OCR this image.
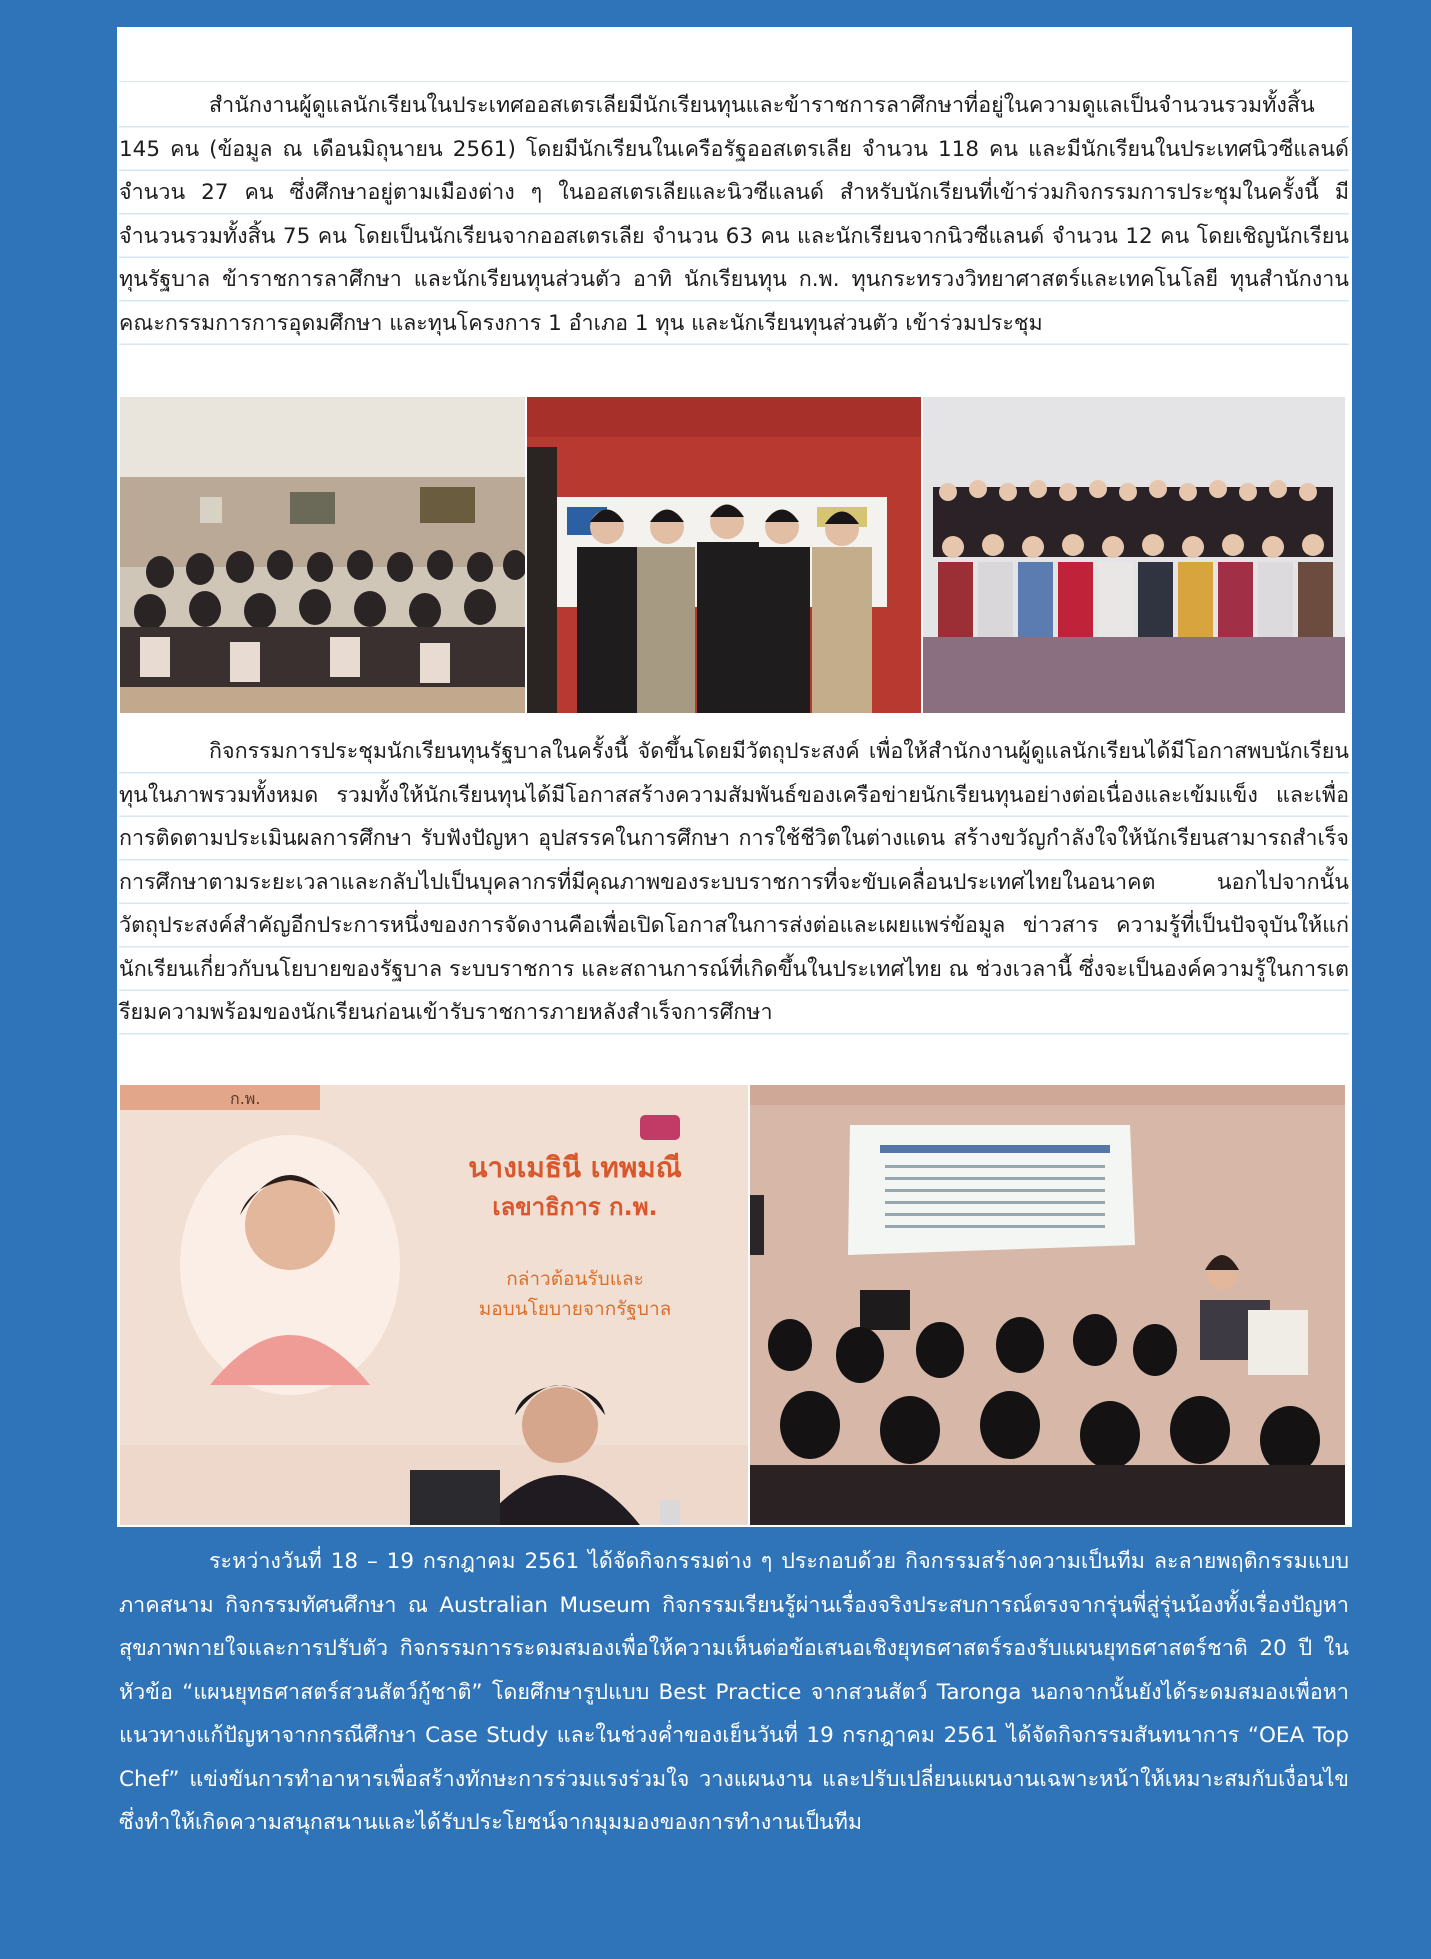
สำนักงานผู้ดูแลนักเรียนในประเทศออสเตรเลียมีนักเรียนทุนและข้าราชการลาศึกษาที่อยู่ในความดูแลเป็นจำนวนรวมทั้งสิ้น 145 คน (ข้อมูล ณ เดือนมิถุนายน 2561) โดยมีนักเรียนในเครือรัฐออสเตรเลีย จำนวน 118 คน และมีนักเรียนในประเทศนิวซีแลนด์ จำนวน 27 คน ซึ่งศึกษาอยู่ตามเมืองต่าง ๆ ในออสเตรเลียและนิวซีแลนด์ สำหรับนักเรียนที่เข้าร่วมกิจกรรมการประชุมในครั้งนี้ มีจำนวนรวมทั้งสิ้น 75 คน โดยเป็นนักเรียนจากออสเตรเลีย จำนวน 63 คน และนักเรียนจากนิวซีแลนด์ จำนวน 12 คน โดยเชิญนักเรียนทุนรัฐบาล ข้าราชการลาศึกษา และนักเรียนทุนส่วนตัว อาทิ นักเรียนทุน ก.พ. ทุนกระทรวงวิทยาศาสตร์และเทคโนโลยี ทุนสำนักงานคณะกรรมการการอุดมศึกษา และทุนโครงการ 1 อำเภอ 1 ทุน และนักเรียนทุนส่วนตัว เข้าร่วมประชุม

กิจกรรมการประชุมนักเรียนทุนรัฐบาลในครั้งนี้ จัดขึ้นโดยมีวัตถุประสงค์ เพื่อให้สำนักงานผู้ดูแลนักเรียนได้มีโอกาสพบนักเรียนทุนในภาพรวมทั้งหมด รวมทั้งให้นักเรียนทุนได้มีโอกาสสร้างความสัมพันธ์ของเครือข่ายนักเรียนทุนอย่างต่อเนื่องและเข้มแข็ง และเพื่อการติดตามประเมินผลการศึกษา รับฟังปัญหา อุปสรรคในการศึกษา การใช้ชีวิตในต่างแดน สร้างขวัญกำลังใจให้นักเรียนสามารถสำเร็จการศึกษาตามระยะเวลาและกลับไปเป็นบุคลากรที่มีคุณภาพของระบบราชการที่จะขับเคลื่อนประเทศไทยในอนาคต นอกไปจากนั้น วัตถุประสงค์สำคัญอีกประการหนึ่งของการจัดงานคือเพื่อเปิดโอกาสในการส่งต่อและเผยแพร่ข้อมูล ข่าวสาร ความรู้ที่เป็นปัจจุบันให้แก่นักเรียนเกี่ยวกับนโยบายของรัฐบาล ระบบราชการ และสถานการณ์ที่เกิดขึ้นในประเทศไทย ณ ช่วงเวลานี้ ซึ่งจะเป็นองค์ความรู้ในการเตรียมความพร้อมของนักเรียนก่อนเข้ารับราชการภายหลังสำเร็จการศึกษา

ก.พ.
นางเมธินี เทพมณี
เลขาธิการ ก.พ.
กล่าวต้อนรับและ
มอบนโยบายจากรัฐบาล

ระหว่างวันที่ 18 – 19 กรกฎาคม 2561 ได้จัดกิจกรรมต่าง ๆ ประกอบด้วย กิจกรรมสร้างความเป็นทีม ละลายพฤติกรรมแบบภาคสนาม กิจกรรมทัศนศึกษา ณ Australian Museum กิจกรรมเรียนรู้ผ่านเรื่องจริงประสบการณ์ตรงจากรุ่นพี่สู่รุ่นน้องทั้งเรื่องปัญหาสุขภาพกายใจและการปรับตัว กิจกรรมการระดมสมองเพื่อให้ความเห็นต่อข้อเสนอเชิงยุทธศาสตร์รองรับแผนยุทธศาสตร์ชาติ 20 ปี ในหัวข้อ “แผนยุทธศาสตร์สวนสัตว์กู้ชาติ” โดยศึกษารูปแบบ Best Practice จากสวนสัตว์ Taronga นอกจากนั้นยังได้ระดมสมองเพื่อหาแนวทางแก้ปัญหาจากกรณีศึกษา Case Study และในช่วงค่ำของเย็นวันที่ 19 กรกฎาคม 2561 ได้จัดกิจกรรมสันทนาการ “OEA Top Chef” แข่งขันการทำอาหารเพื่อสร้างทักษะการร่วมแรงร่วมใจ วางแผนงาน และปรับเปลี่ยนแผนงานเฉพาะหน้าให้เหมาะสมกับเงื่อนไข ซึ่งทำให้เกิดความสนุกสนานและได้รับประโยชน์จากมุมมองของการทำงานเป็นทีม
